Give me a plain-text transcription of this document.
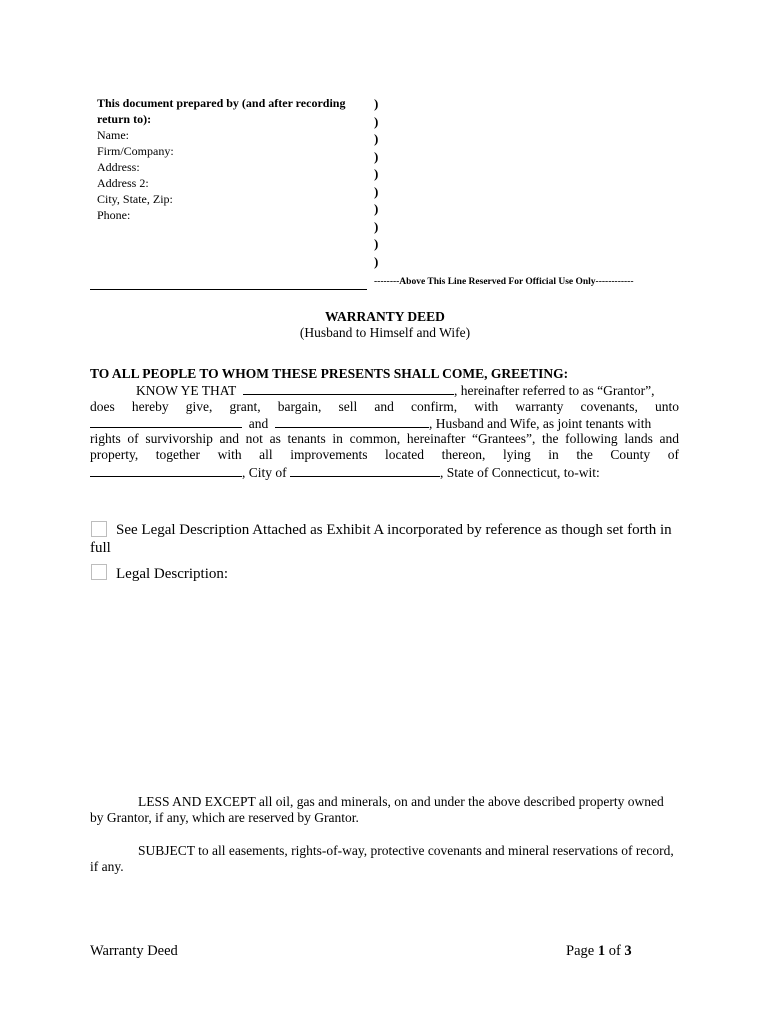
This document prepared by (and after recording return to):
Name:
Firm/Company:
Address:
Address 2:
City, State, Zip:
Phone:
)
)
)
)
)
)
)
)
)
)
--------Above This Line Reserved For Official Use Only------------
WARRANTY DEED
(Husband to Himself and Wife)
TO ALL PEOPLE TO WHOM THESE PRESENTS SHALL COME, GREETING:
KNOW YE THAT	, hereinafter referred to as “Grantor”,
does hereby give, grant, bargain, sell and confirm, with warranty covenants, unto
and	, Husband and Wife, as joint tenants with
rights of survivorship and not as tenants in common, hereinafter “Grantees”, the following lands and
property, together with all improvements located thereon, lying in the County of
, City of	, State of Connecticut, to-wit:
See Legal Description Attached as Exhibit A incorporated by reference as though set forth in full
Legal Description:
LESS AND EXCEPT all oil, gas and minerals, on and under the above described property owned by Grantor, if any, which are reserved by Grantor.
SUBJECT to all easements, rights-of-way, protective covenants and mineral reservations of record, if any.
Warranty Deed	Page 1 of 3
